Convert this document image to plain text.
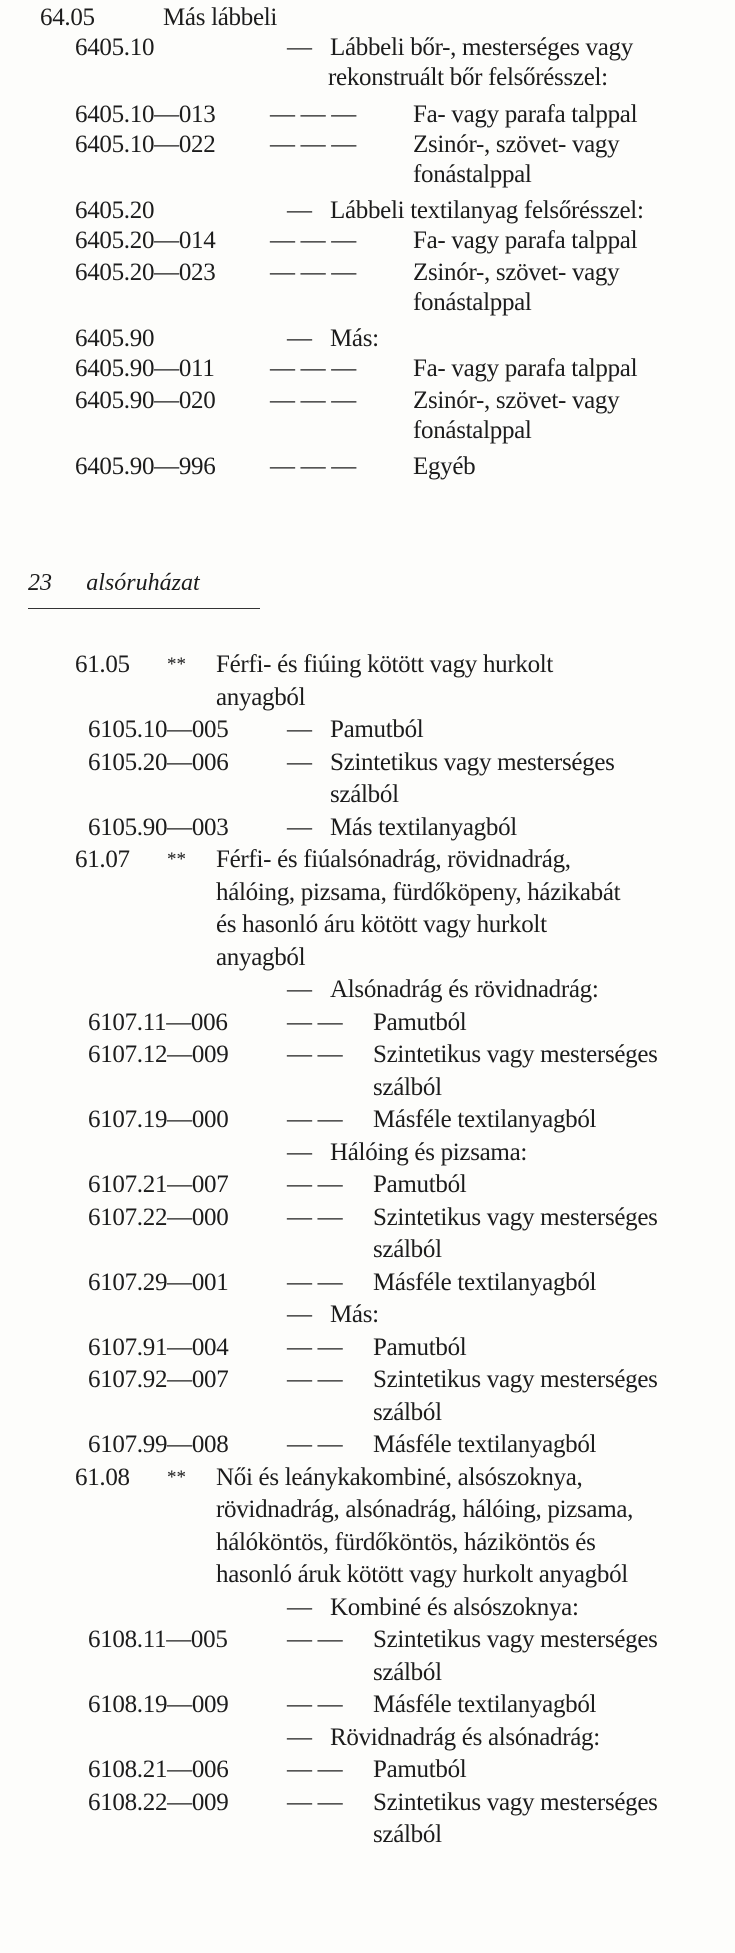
64.05	Más lábbeli
6405.10	— Lábbeli bőr-, mesterséges vagy
rekonstruált bőr felsőrésszel:
6405.10—013 — — — Fa- vagy parafa talppal
6405.10—022 — — — Zsinór-, szövet- vagy
fonástalppal
6405.20	— Lábbeli textilanyag felsőrésszel:
6405.20—014 — — — Fa- vagy parafa talppal
6405.20—023 — — — Zsinór-, szövet- vagy
fonástalppal
6405.90	— Más:
6405.90—011 — — — Fa- vagy parafa talppal
6405.90—020 — — — Zsinór-, szövet- vagy
fonástalppal
6405.90—996 — — — Egyéb
23 alsóruházat
61.05 ** Férfi- és fiúing kötött vagy hurkolt
anyagból
6105.10—005 — Pamutból
6105.20—006 — Szintetikus vagy mesterséges
szálból
6105.90—003 — Más textilanyagból
61.07 ** Férfi- és fiúalsónadrág, rövidnadrág,
hálóing, pizsama, fürdőköpeny, házikabát
és hasonló áru kötött vagy hurkolt
anyagból
— Alsónadrág és rövidnadrág:
6107.11—006 — — Pamutból
6107.12—009 — — Szintetikus vagy mesterséges
szálból
6107.19—000 — — Másféle textilanyagból
— Hálóing és pizsama:
6107.21—007 — — Pamutból
6107.22—000 — — Szintetikus vagy mesterséges
szálból
6107.29—001 — — Másféle textilanyagból
— Más:
6107.91—004 — — Pamutból
6107.92—007 — — Szintetikus vagy mesterséges
szálból
6107.99—008 — — Másféle textilanyagból
61.08 ** Női és leánykakombiné, alsószoknya,
rövidnadrág, alsónadrág, hálóing, pizsama,
hálóköntös, fürdőköntös, háziköntös és
hasonló áruk kötött vagy hurkolt anyagból
— Kombiné és alsószoknya:
6108.11—005 — — Szintetikus vagy mesterséges
szálból
6108.19—009 — — Másféle textilanyagból
— Rövidnadrág és alsónadrág:
6108.21—006 — — Pamutból
6108.22—009 — — Szintetikus vagy mesterséges
szálból
